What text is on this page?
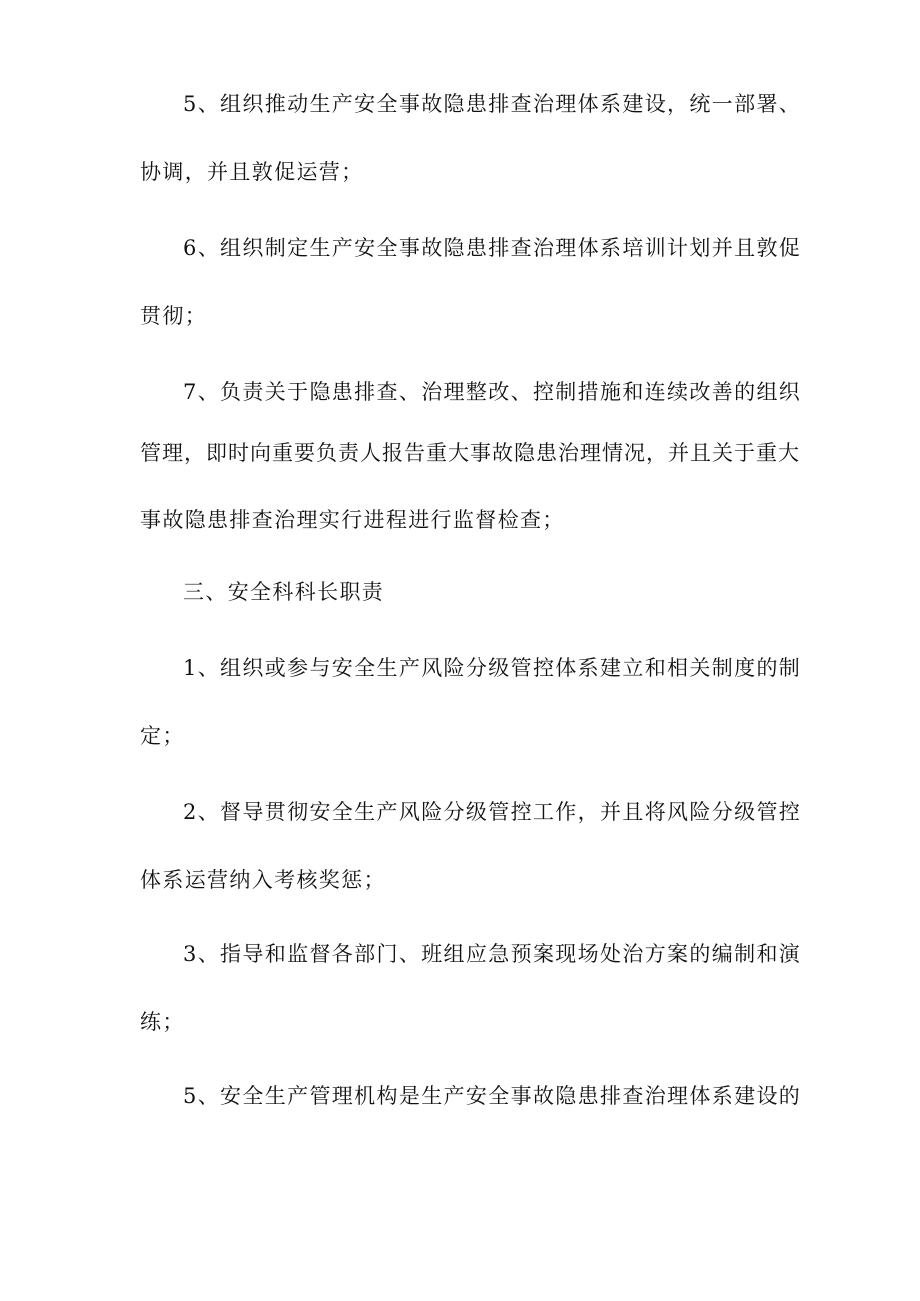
5、组织推动生产安全事故隐患排查治理体系建设，统一部署、
协调，并且敦促运营；
6、组织制定生产安全事故隐患排查治理体系培训计划并且敦促
贯彻；
7、负责关于隐患排查、治理整改、控制措施和连续改善的组织
管理，即时向重要负责人报告重大事故隐患治理情况，并且关于重大
事故隐患排查治理实行进程进行监督检查；
三、安全科科长职责
1、组织或参与安全生产风险分级管控体系建立和相关制度的制
定；
2、督导贯彻安全生产风险分级管控工作，并且将风险分级管控
体系运营纳入考核奖惩；
3、指导和监督各部门、班组应急预案现场处治方案的编制和演
练；
5、安全生产管理机构是生产安全事故隐患排查治理体系建设的
